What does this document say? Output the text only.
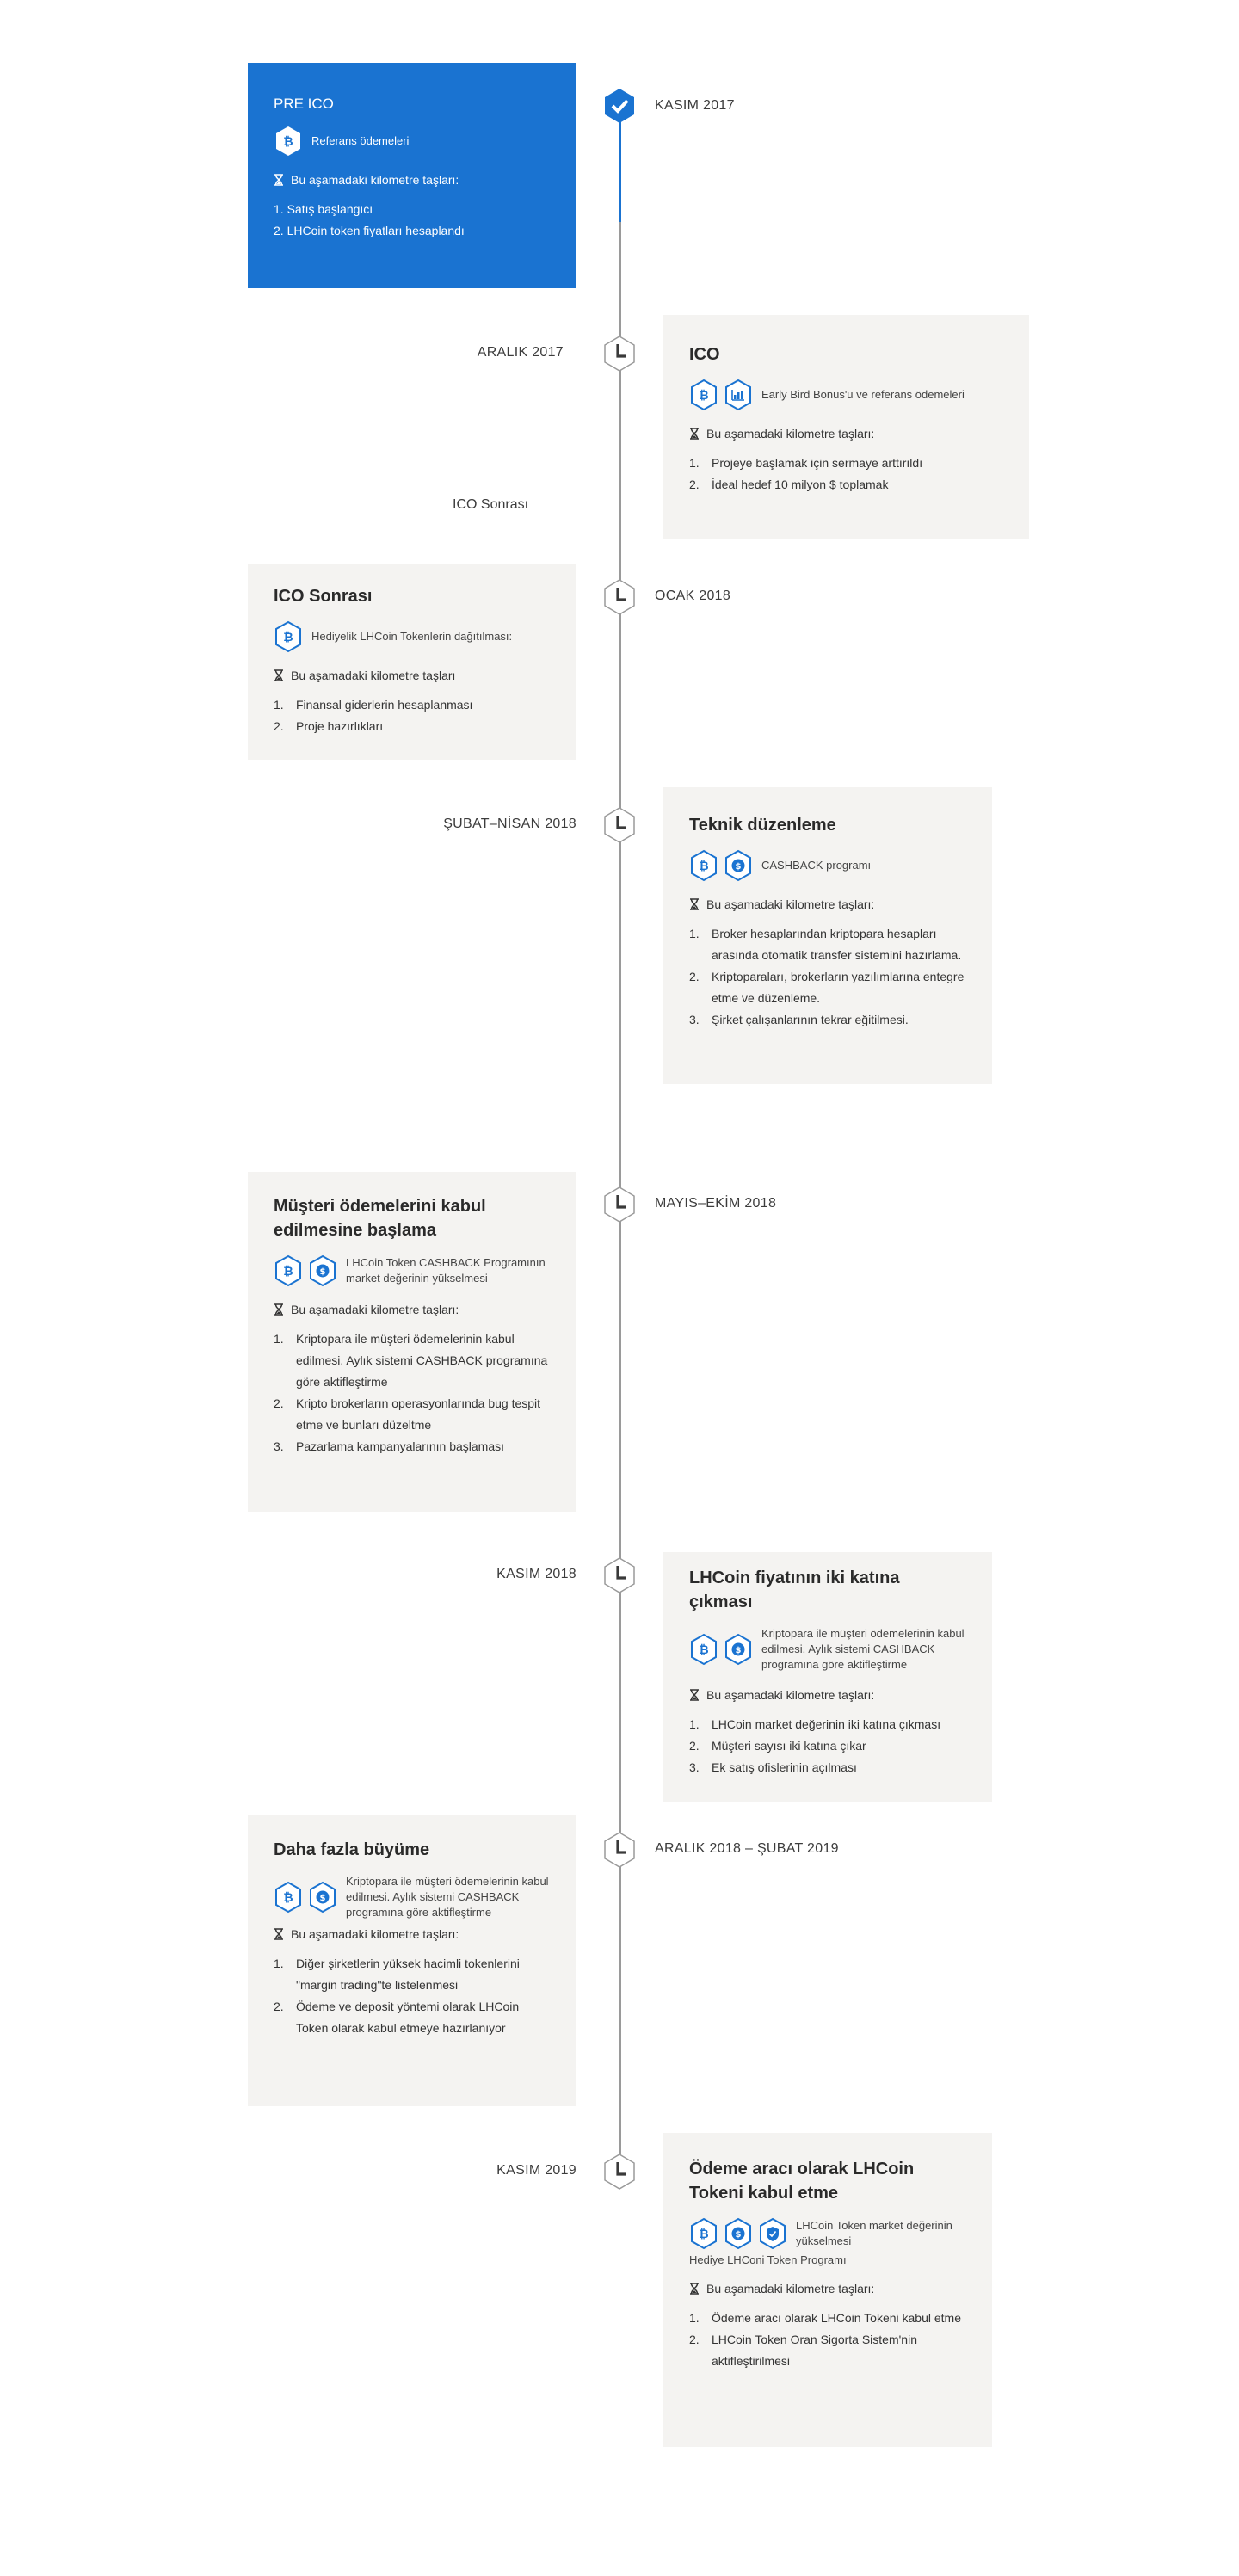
KASIM 2017
PRE ICO
Referans ödemeleri
Bu aşamadaki kilometre taşları:
1. Satış başlangıcı
2. LHCoin token fiyatları hesaplandı
ARALIK 2017
ICO Sonrası
ICO
Early Bird Bonus'u ve referans ödemeleri
Bu aşamadaki kilometre taşları:
1.	Projeye başlamak için sermaye arttırıldı
2.	İdeal hedef 10 milyon $ toplamak
OCAK 2018
ICO Sonrası
Hediyelik LHCoin Tokenlerin dağıtılması:
Bu aşamadaki kilometre taşları
1.	Finansal giderlerin hesaplanması
2.	Proje hazırlıkları
ŞUBAT–NİSAN 2018	Teknik düzenleme
CASHBACK programı
Bu aşamadaki kilometre taşları:
1.	Broker hesaplarından kriptopara hesapları arasında otomatik transfer sistemini hazırlama.
2.	Kriptoparaları, brokerların yazılımlarına entegre etme ve düzenleme.
3.	Şirket çalışanlarının tekrar eğitilmesi.
MAYIS–EKİM 2018
Müşteri ödemelerini kabul edilmesine başlama
LHCoin Token CASHBACK Programının market değerinin yükselmesi
Bu aşamadaki kilometre taşları:
1.	Kriptopara ile müşteri ödemelerinin kabul edilmesi. Aylık sistemi CASHBACK programına göre aktifleştirme
2.	Kripto brokerların operasyonlarında bug tespit etme ve bunları düzeltme
3.	Pazarlama kampanyalarının başlaması
KASIM 2018	LHCoin fiyatının iki katına çıkması
Kriptopara ile müşteri ödemelerinin kabul edilmesi. Aylık sistemi CASHBACK programına göre aktifleştirme
Bu aşamadaki kilometre taşları:
1.	LHCoin market değerinin iki katına çıkması
2.	Müşteri sayısı iki katına çıkar
3.	Ek satış ofislerinin açılması
ARALIK 2018 – ŞUBAT 2019
Daha fazla büyüme
Kriptopara ile müşteri ödemelerinin kabul edilmesi. Aylık sistemi CASHBACK programına göre aktifleştirme
Bu aşamadaki kilometre taşları:
1.	Diğer şirketlerin yüksek hacimli tokenlerini "margin trading"te listelenmesi
2.	Ödeme ve deposit yöntemi olarak LHCoin Token olarak kabul etmeye hazırlanıyor
KASIM 2019	Ödeme aracı olarak LHCoin Tokeni kabul etme
LHCoin Token market değerinin yükselmesi
Hediye LHConi Token Programı
Bu aşamadaki kilometre taşları:
1.	Ödeme aracı olarak LHCoin Tokeni kabul etme
2.	LHCoin Token Oran Sigorta Sistem'nin aktifleştirilmesi
